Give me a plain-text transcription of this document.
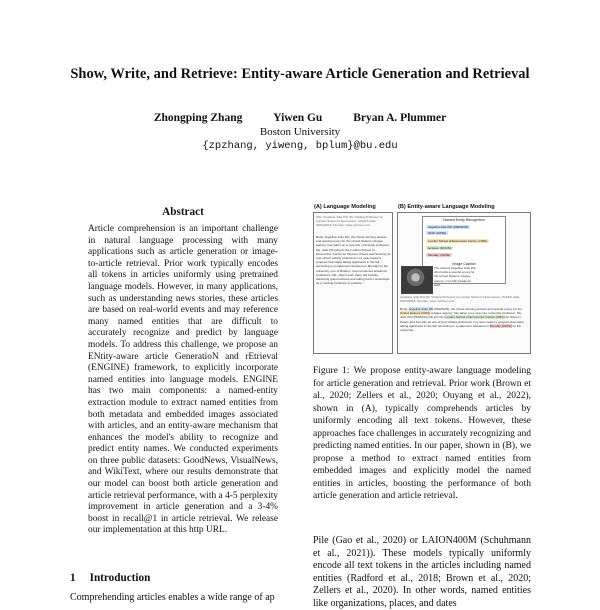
Show, Write, and Retrieve: Entity-aware Article Generation and Retrieval
Zhongping Zhang	Yiwen Gu	Bryan A. Plummer
Boston University
{zpzhang, yiweng, bplum}@bu.edu
Abstract
Article comprehension is an important challenge in natural language processing with many applications such as article generation or image-to-article retrieval. Prior work typically encodes all tokens in articles uniformly using pretrained language models. However, in many applications, such as understanding news stories, these articles are based on real-world events and may reference many named entities that are difficult to accurately recognize and predict by language models. To address this challenge, we propose an ENtity-aware article GeneratioN and rEtrieval (ENGINE) framework, to explicitly incorporate named entities into language models. ENGINE has two main components: a named-entity extraction module to extract named entities from both metadata and embedded images associated with articles, and an entity-aware mechanism that enhances the model's ability to recognize and predict entity names. We conducted experiments on three public datasets: GoodNews, VisualNews, and WikiText, where our results demonstrate that our model can boost both article generation and article retrieval performance, with a 4-5 perplexity improvement in article generation and a 3-4% boost in recall@1 in article retrieval. We release our implementation at this http URL.
1 Introduction
Comprehending articles enables a wide range of ap
(A) Language Modeling	(B) Entity-aware Language Modeling
Title: Angelina Jolie Pitt: Be 'Visiting Professor at London School of Economics'. Publish date: 05/24/2016. Domain: www.nytimes.com
Body: Angelina Jolie Pitt, the Oscar-winning actress and special envoy for the United Nations refugee agency, has taken on a new role: university professor. Ms. Jolie Pitt will join the London School of Economics' Centre for Women, Peace and Security as one of four visiting professors in a new master's program that starts taking applicants in the fall, according to a statement released on Monday by the university, one of Britain's most renowned academic institutions. Ms. Jolie's work there will include delivering guest lectures and taking part in workshops as a "visiting professor in practice."
Named Entity Recognition
Angelina Jolie Pitt: (PERSON)
2016: (DATE)
London School of Economics Centre: (ORG)
lectures: (NOUN)
Monday: (DATE)
Image Caption
The actress Angelina Jolie Pitt, who holds a special envoy for the United Nations refugee agency, met with academic staff.
Angelina Jolie Pitt: Be 'Visiting Professor at London School of Economics'. Publish date: 05/24/2016. Domain: www.nytimes.com
Body: Angelina Jolie Pitt (PERSON), the Oscar-winning actress and special envoy for the United Nations (ORG) refugee agency, has taken on a new role: university professor. Ms. Jolie Pitt (PERSON) will join the London School of Economics Centre (ORG) for Women, Peace and Security as one of four visiting professors in a new master's program that starts taking applicants in the fall, according to a statement released on Monday (DATE) by the university...
Figure 1: We propose entity-aware language modeling for article generation and retrieval. Prior work (Brown et al., 2020; Zellers et al., 2020; Ouyang et al., 2022), shown in (A), typically comprehends articles by uniformly encoding all text tokens. However, these approaches face challenges in accurately recognizing and predicting named entities. In our paper, shown in (B), we propose a method to extract named entities from embedded images and explicitly model the named entities in articles, boosting the performance of both article generation and article retrieval.
Pile (Gao et al., 2020) or LAION400M (Schuhmann et al., 2021)). These models typically uniformly encode all text tokens in the articles including named entities (Radford et al., 2018; Brown et al., 2020; Zellers et al., 2020). In other words, named entities like organizations, places, and dates
